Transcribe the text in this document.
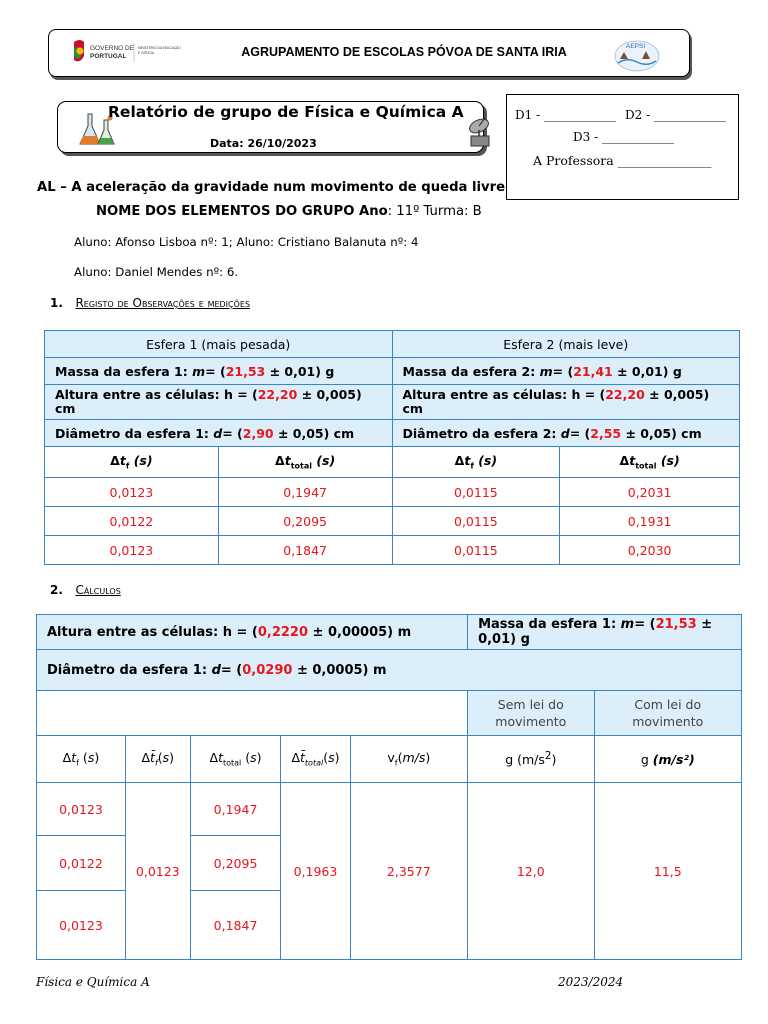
GOVERNO DE
PORTUGAL
MINISTÉRIO DA EDUCAÇÃO
E CIÊNCIA	AGRUPAMENTO DE ESCOLAS PÓVOA DE SANTA IRIA	AEPSI
Relatório de grupo de Física e Química A
Data: 26/10/2023
D1 - ____________ D2 - ____________
D3 - ____________
A Professora _______________
AL – A aceleração da gravidade num movimento de queda livre
NOME DOS ELEMENTOS DO GRUPO Ano: 11º Turma: B
Aluno: Afonso Lisboa nº: 1; Aluno: Cristiano Balanuta nº: 4
Aluno: Daniel Mendes nº: 6.
1. Registo de Observações e medições
Esfera 1 (mais pesada)		Esfera 2 (mais leve)	
Massa da esfera 1: m= (21,53 ± 0,01) g		Massa da esfera 2: m= (21,41 ± 0,01) g	
Altura entre as células: h = (22,20 ± 0,005) cm		Altura entre as células: h = (22,20 ± 0,005) cm	
Diâmetro da esfera 1: d= (2,90 ± 0,05) cm		Diâmetro da esfera 2: d= (2,55 ± 0,05) cm	
$\Delta t_f$ (s)	$\Delta t_{total}$ (s)	$\Delta t_f$ (s)	$\Delta t_{total}$ (s)
0,0123	0,1947	0,0115	0,2031
0,0122	0,2095	0,0115	0,1931
0,0123	0,1847	0,0115	0,2030
2. Cálculos
Altura entre as células: h = (0,2220 ± 0,00005) m					Massa da esfera 1: m= (21,53 ± 0,01) g	
Diâmetro da esfera 1: d= (0,0290 ± 0,0005) m						
					Sem lei do movimento	Com lei do movimento
$\Delta t_f$ (s)	$\Delta t̄_f(s)$	$\Delta t_{total}$ (s)	$\Delta t̄_{total}(s)$	$v_f(m/s)$	g $(m/s^2)$	g (m/s²)
0,0123	0,0123	0,1947	0,1963	2,3577	12,0	11,5
0,0122		0,2095				
0,0123		0,1847				
Física e Química A	2023/2024
